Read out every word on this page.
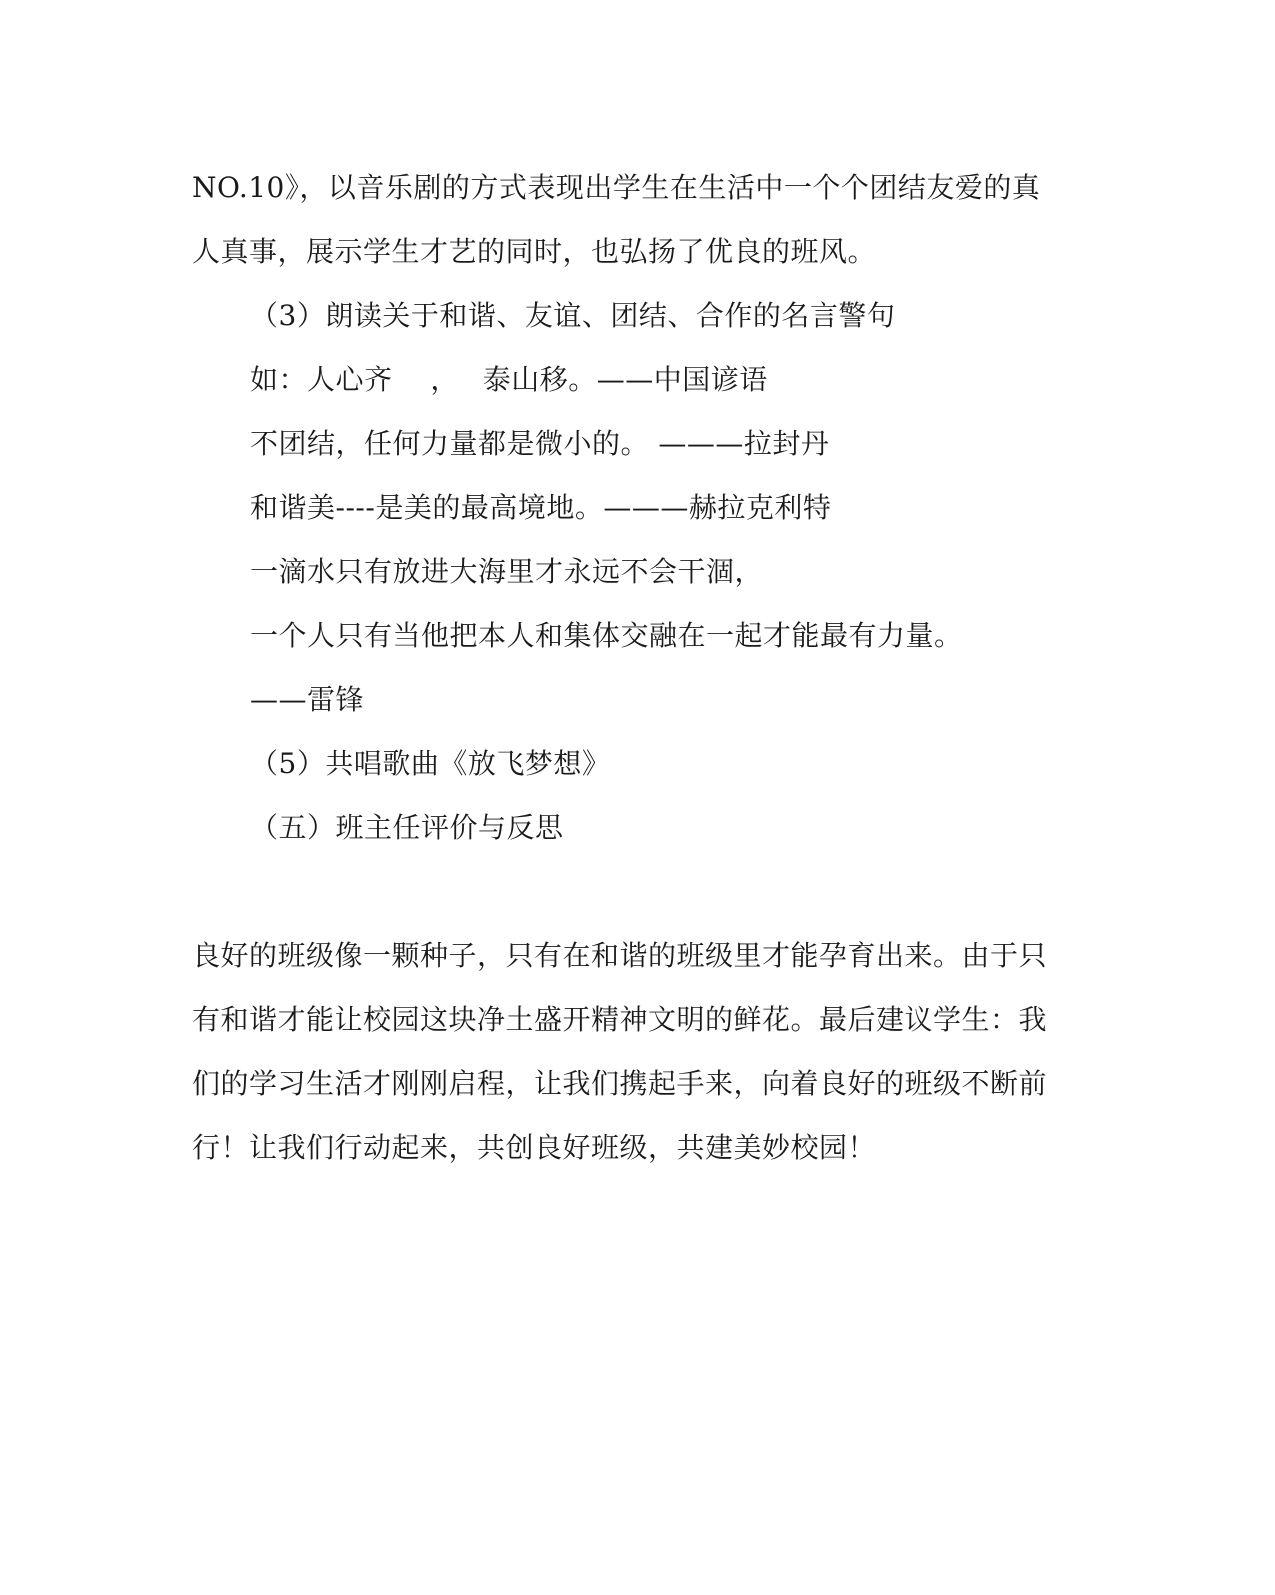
NO.10》，以音乐剧的方式表现出学生在生活中一个个团结友爱的真
人真事，展示学生才艺的同时，也弘扬了优良的班风。
（3）朗读关于和谐、友谊、团结、合作的名言警句
如：人心齐　 ，　 泰山移。——中国谚语
不团结，任何力量都是微小的。 ———拉封丹
和谐美----是美的最高境地。———赫拉克利特
一滴水只有放进大海里才永远不会干涸，
一个人只有当他把本人和集体交融在一起才能最有力量。
——雷锋
（5）共唱歌曲《放飞梦想》
（五）班主任评价与反思
良好的班级像一颗种子，只有在和谐的班级里才能孕育出来。由于只
有和谐才能让校园这块净土盛开精神文明的鲜花。最后建议学生：我
们的学习生活才刚刚启程，让我们携起手来，向着良好的班级不断前
行！让我们行动起来，共创良好班级，共建美妙校园！
